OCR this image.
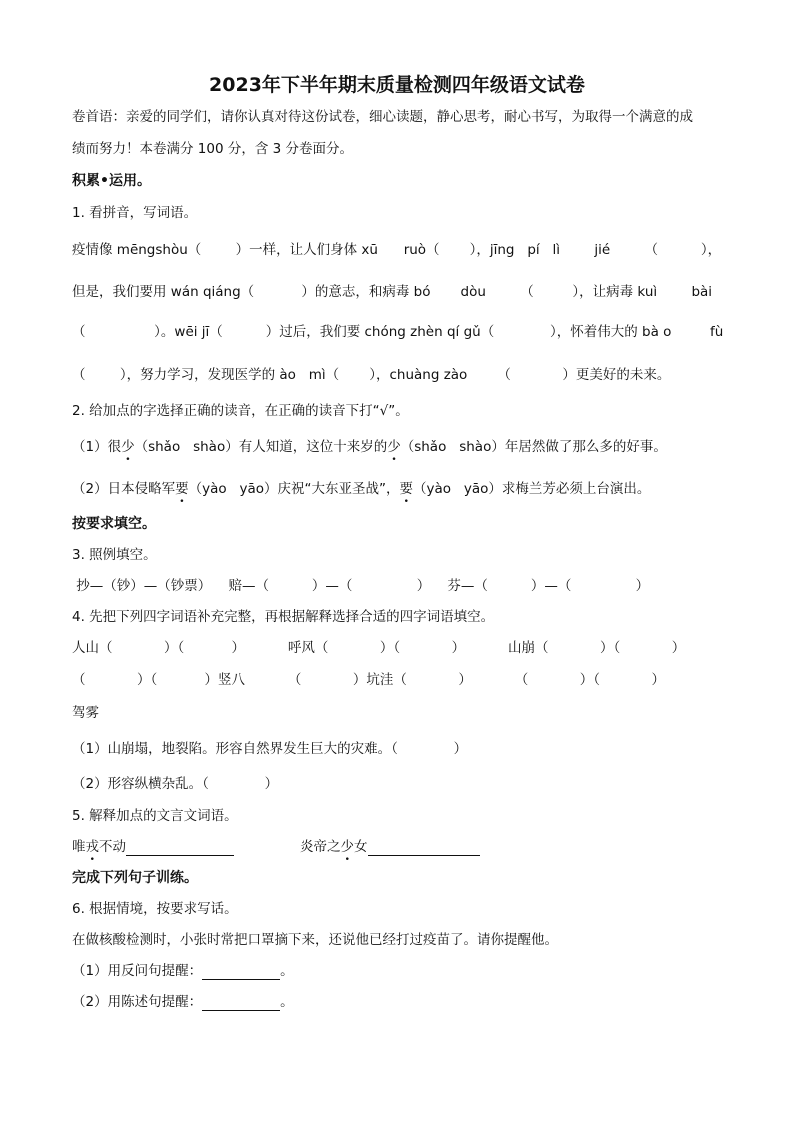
2023年下半年期末质量检测四年级语文试卷
卷首语：亲爱的同学们，请你认真对待这份试卷，细心读题，静心思考，耐心书写，为取得一个满意的成
绩而努力！本卷满分 100 分，含 3 分卷面分。
积累•运用。
1. 看拼音，写词语。
疫情像 mēngshòu（        ）一样，让人们身体 xū      ruò（       ），jīng   pí   lì        jié        （          ），
但是，我们要用 wán qiáng（           ）的意志，和病毒 bó       dòu        （         ），让病毒 kuì        bài
（                ）。wēi jī（          ）过后，我们要 chóng zhèn qí gǔ（             ），怀着伟大的 bà o         fù
（        ），努力学习，发现医学的 ào   mì（       ），chuàng zào       （            ）更美好的未来。
2. 给加点的字选择正确的读音，在正确的读音下打“√”。
（1）很少（shǎo   shào）有人知道，这位十来岁的少（shǎo   shào）年居然做了那么多的好事。
（2）日本侵略军要（yào   yāo）庆祝“大东亚圣战”，要（yào   yāo）求梅兰芳必须上台演出。
按要求填空。
3. 照例填空。
抄—（钞）—（钞票）    赔—（          ）—（               ）    芬—（          ）—（               ）
4. 先把下列四字词语补充完整，再根据解释选择合适的四字词语填空。
人山（            ）（           ）          呼风（            ）（            ）          山崩（            ）（            ）
（            ）（           ）竖八          （            ）坑洼（            ）          （            ）（            ）
驾雾
（1）山崩塌，地裂陷。形容自然界发生巨大的灾难。（             ）
（2）形容纵横杂乱。（             ）
5. 解释加点的文言文词语。
唯戎不动	炎帝之少女
完成下列句子训练。
6. 根据情境，按要求写话。
在做核酸检测时，小张时常把口罩摘下来，还说他已经打过疫苗了。请你提醒他。
（1）用反问句提醒：	。
（2）用陈述句提醒：	。
